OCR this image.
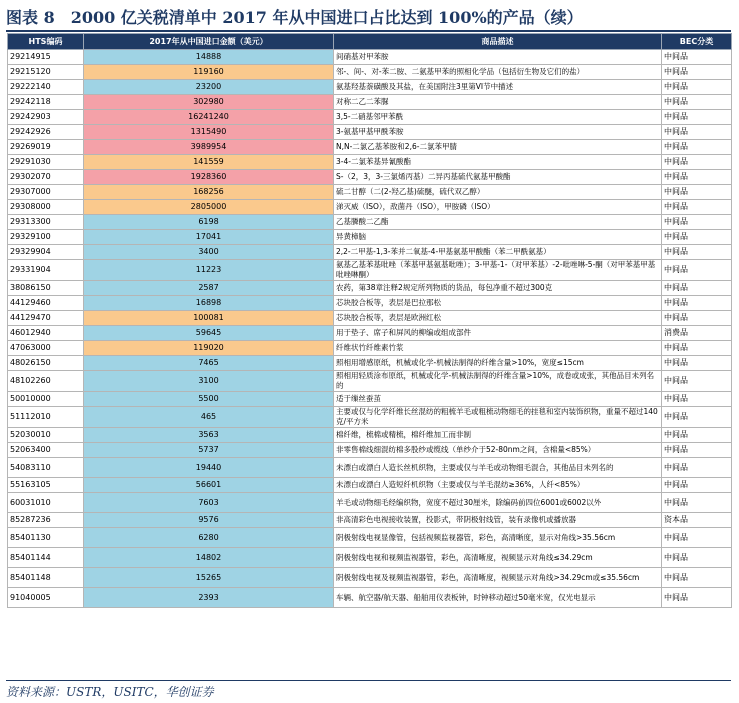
图表 8　2000 亿关税清单中 2017 年从中国进口占比达到 100%的产品（续）
HTS编码	2017年从中国进口金额（美元）	商品描述	BEC分类
29214915	14888	间硝基对甲苯胺	中间品
29215120	119160	邻-、间-、对-苯二胺、二氨基甲苯的照相化学品（包括衍生物及它们的盐）	中间品
29222140	23200	氨基羟基萘磺酸及其盐，在美国附注3里第VI节中描述	中间品
29242118	302980	对称二乙二苯脲	中间品
29242903	16241240	3,5-二硝基邻甲苯酰	中间品
29242926	1315490	3-氨基甲基甲酰苯胺	中间品
29269019	3989954	N,N-二氯乙基苯胺和2,6-二氯苯甲腈	中间品
29291030	141559	3-4-二氯苯基异氰酸酯	中间品
29302070	1928360	S-（2，3，3-三氯烯丙基）二异丙基硫代氨基甲酸酯	中间品
29307000	168256	硫二甘醇（二(2-羟乙基)硫醚，硫代双乙醇）	中间品
29308000	2805000	涕灭威（ISO），敌菌丹（ISO），甲胺磷（ISO）	中间品
29313300	6198	乙基膦酸二乙酯	中间品
29329100	17041	异黄樟脑	中间品
29329904	3400	2,2-二甲基-1,3-苯并二氧基-4-甲基氨基甲酸酯（苯二甲酰氨基）	中间品
29331904	11223	氨基乙基苯基吡唑（苯基甲基氨基吡唑）；3-甲基-1-（对甲苯基）-2-吡唑啉-5-酮（对甲苯基甲基吡唑啉酮）	中间品
38086150	2587	农药，第38章注释2规定所列物质的货品，每包净重不超过300克	中间品
44129460	16898	芯块胶合板等，表层是巴拉那松	中间品
44129470	100081	芯块胶合板等，表层是欧洲红松	中间品
46012940	59645	用于垫子、席子和屏风的柳编或组成部件	消费品
47063000	119020	纤维状竹纤维素竹浆	中间品
48026150	7465	照相用增感原纸，机械或化学-机械法制得的纤维含量>10%，宽度≤15cm	中间品
48102260	3100	照相用轻质涂布原纸，机械或化学-机械法制得的纤维含量>10%，成卷或成张，其他品目未列名的	中间品
50010000	5500	适于缫丝蚕茧	中间品
51112010	465	主要或仅与化学纤维长丝混纺的粗梳羊毛或粗梳动物细毛的挂毯和室内装饰织物，重量不超过140克/平方米	中间品
52030010	3563	棉纤维，梳棉或精梳，棉纤维加工而非制	中间品
52063400	5737	非零售棉线细混纺棉多股纱或缆线（单纱介于52-80nm之间，含棉量<85%）	中间品
54083110	19440	未漂白或漂白人造长丝机织物，主要或仅与羊毛或动物细毛混合，其他品目未列名的	中间品
55163105	56601	未漂白或漂白人造短纤机织物（主要或仅与羊毛混纺≥36%，人纤<85%）	中间品
60031010	7603	羊毛或动物细毛经编织物，宽度不超过30厘米，除编码前四位6001或6002以外	中间品
85287236	9576	非高清彩色电视接收装置，投影式，带阴极射线管，装有录像机或播放器	资本品
85401130	6280	阴极射线电视显像管，包括视频监视器管，彩色，高清晰度，显示对角线>35.56cm	中间品
85401144	14802	阴极射线电视和视频监视器管，彩色，高清晰度，视频显示对角线≤34.29cm	中间品
85401148	15265	阴极射线电视及视频监视器管，彩色，高清晰度，视频显示对角线>34.29cm或≤35.56cm	中间品
91040005	2393	车辆、航空器/航天器、船舶用仪表板钟，时钟移动超过50毫米宽，仅光电显示	中间品
资料来源：USTR，USITC，华创证券
